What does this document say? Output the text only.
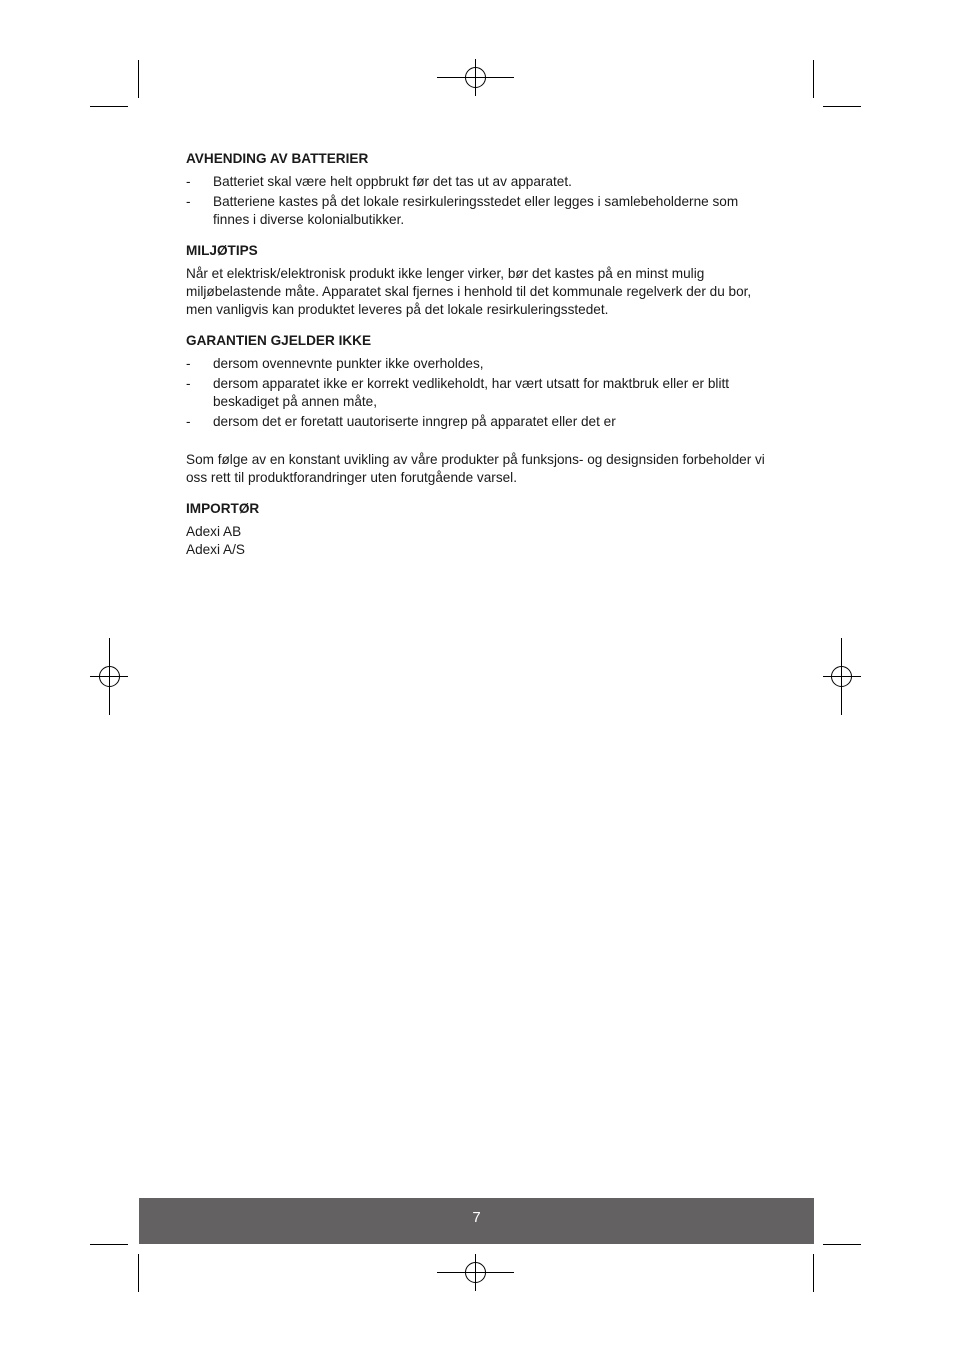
AVHENDING AV BATTERIER
- Batteriet skal være helt oppbrukt før det tas ut av apparatet.
- Batteriene kastes på det lokale resirkuleringsstedet eller legges i samlebeholderne som finnes i diverse kolonialbutikker.
MILJØTIPS

Når et elektrisk/elektronisk produkt ikke lenger virker, bør det kastes på en minst mulig miljøbelastende måte. Apparatet skal fjernes i henhold til det kommunale regelverk der du bor, men vanligvis kan produktet leveres på det lokale resirkuleringsstedet.

GARANTIEN GJELDER IKKE
- dersom ovennevnte punkter ikke overholdes,
- dersom apparatet ikke er korrekt vedlikeholdt, har vært utsatt for maktbruk eller er blitt beskadiget på annen måte,
- dersom det er foretatt uautoriserte inngrep på apparatet eller det er

Som følge av en konstant uvikling av våre produkter på funksjons- og designsiden forbeholder vi oss rett til produktforandringer uten forutgående varsel.

IMPORTØR

Adexi AB

Adexi A/S

7
